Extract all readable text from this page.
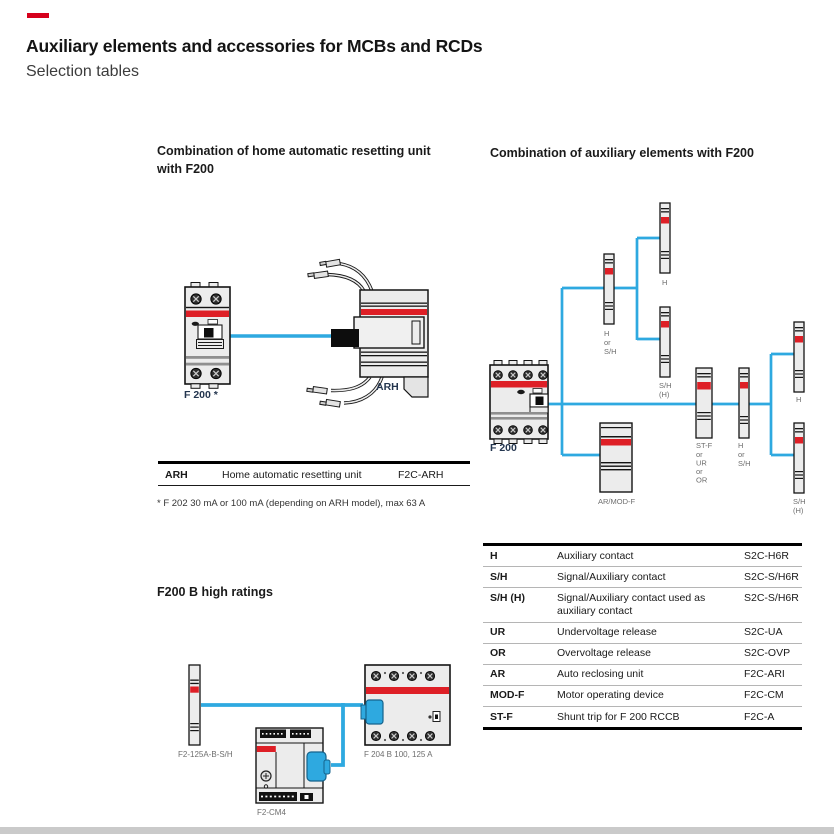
Auxiliary elements and accessories for MCBs and RCDs
Selection tables
Combination of home automatic resetting unit with F200
Combination of auxiliary elements with F200
F200 B high ratings
F 200 *
ARH
ARH	Home automatic resetting unit	F2C-ARH
* F 202 30 mA or 100 mA (depending on ARH model), max 63 A
F 200
H
H
or
S/H
S/H
(H)
ST-F
or
UR
or
OR
H
or
S/H
H
S/H
(H)
AR/MOD-F
H	Auxiliary contact	S2C-H6R
S/H	Signal/Auxiliary contact	S2C-S/H6R
S/H (H)	Signal/Auxiliary contact used as auxiliary contact	S2C-S/H6R
UR	Undervoltage release	S2C-UA
OR	Overvoltage release	S2C-OVP
AR	Auto reclosing unit	F2C-ARI
MOD-F	Motor operating device	F2C-CM
ST-F	Shunt trip for F 200 RCCB	F2C-A
F2-125A-B-S/H	F 204 B 100, 125 A
F2-CM4
